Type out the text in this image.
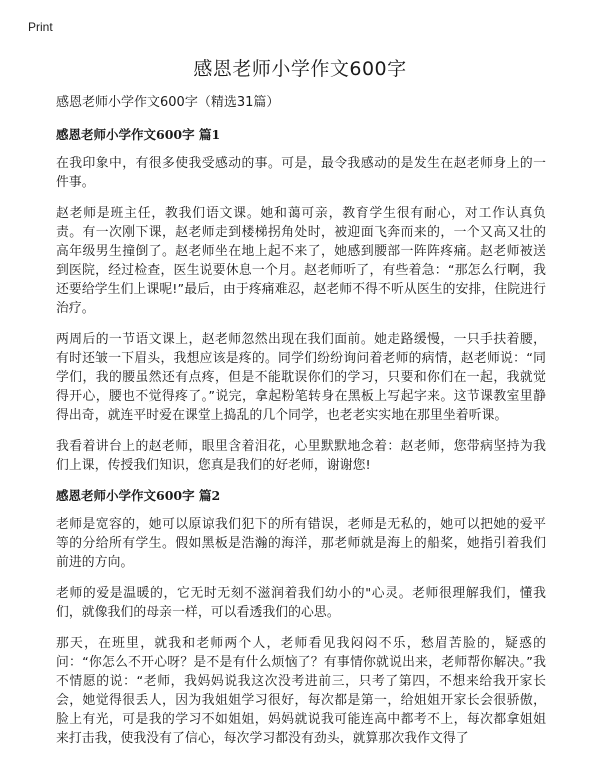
Print
感恩老师小学作文600字
感恩老师小学作文600字（精选31篇）
感恩老师小学作文600字 篇1

在我印象中，有很多使我受感动的事。可是，最令我感动的是发生在赵老师身上的一件事。

赵老师是班主任，教我们语文课。她和蔼可亲，教育学生很有耐心，对工作认真负责。有一次刚下课，赵老师走到楼梯拐角处时，被迎面飞奔而来的，一个又高又壮的高年级男生撞倒了。赵老师坐在地上起不来了，她感到腰部一阵阵疼痛。赵老师被送到医院，经过检查，医生说要休息一个月。赵老师听了，有些着急：“那怎么行啊，我还要给学生们上课呢!”最后，由于疼痛难忍，赵老师不得不听从医生的安排，住院进行治疗。

两周后的一节语文课上，赵老师忽然出现在我们面前。她走路缓慢，一只手扶着腰，有时还皱一下眉头，我想应该是疼的。同学们纷纷询问着老师的病情，赵老师说：“同学们，我的腰虽然还有点疼，但是不能耽误你们的学习，只要和你们在一起，我就觉得开心，腰也不觉得疼了。”说完，拿起粉笔转身在黑板上写起字来。这节课教室里静得出奇，就连平时爱在课堂上捣乱的几个同学，也老老实实地在那里坐着听课。

我看着讲台上的赵老师，眼里含着泪花，心里默默地念着：赵老师，您带病坚持为我们上课，传授我们知识，您真是我们的好老师，谢谢您!

感恩老师小学作文600字 篇2

老师是宽容的，她可以原谅我们犯下的所有错误，老师是无私的，她可以把她的爱平等的分给所有学生。假如黑板是浩瀚的海洋，那老师就是海上的船桨，她指引着我们前进的方向。

老师的爱是温暖的，它无时无刻不滋润着我们幼小的"心灵。老师很理解我们，懂我们，就像我们的母亲一样，可以看透我们的心思。

那天，在班里，就我和老师两个人，老师看见我闷闷不乐，愁眉苦脸的，疑惑的问：“你怎么不开心呀？是不是有什么烦恼了？有事情你就说出来，老师帮你解决。”我不情愿的说：“老师，我妈妈说我这次没考进前三，只考了第四，不想来给我开家长会，她觉得很丢人，因为我姐姐学习很好，每次都是第一，给姐姐开家长会很骄傲，脸上有光，可是我的学习不如姐姐，妈妈就说我可能连高中都考不上，每次都拿姐姐来打击我，使我没有了信心，每次学习都没有劲头，就算那次我作文得了
